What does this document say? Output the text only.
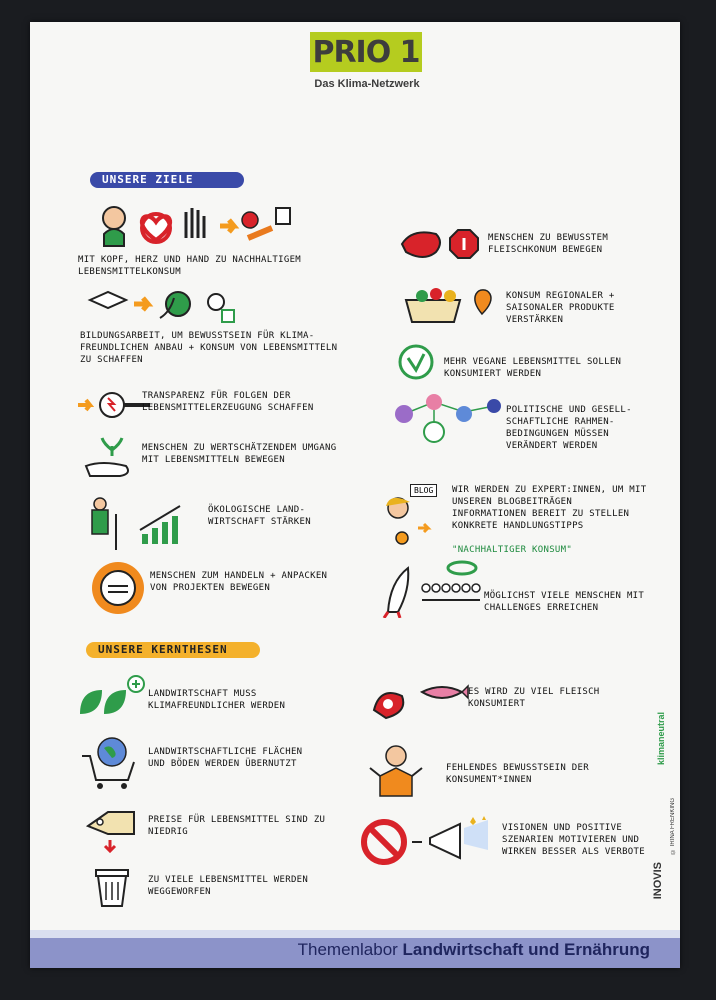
PRIO 1
Das Klima-Netzwerk
UNSERE ZIELE
MIT KOPF, HERZ UND HAND ZU NACHHALTIGEM LEBENSMITTELKONSUM
BILDUNGSARBEIT, UM BEWUSSTSEIN FÜR KLIMA-FREUNDLICHEN ANBAU + KONSUM VON LEBENSMITTELN ZU SCHAFFEN
TRANSPARENZ FÜR FOLGEN DER LEBENSMITTELERZEUGUNG SCHAFFEN
MENSCHEN ZU WERTSCHÄTZENDEM UMGANG MIT LEBENSMITTELN BEWEGEN
ÖKOLOGISCHE LAND-WIRTSCHAFT STÄRKEN
MENSCHEN ZUM HANDELN + ANPACKEN VON PROJEKTEN BEWEGEN
MENSCHEN ZU BEWUSSTEM FLEISCHKONUM BEWEGEN
KONSUM REGIONALER + SAISONALER PRODUKTE VERSTÄRKEN
MEHR VEGANE LEBENSMITTEL SOLLEN KONSUMIERT WERDEN
POLITISCHE UND GESELL-SCHAFTLICHE RAHMEN-BEDINGUNGEN MÜSSEN VERÄNDERT WERDEN
BLOG	WIR WERDEN ZU EXPERT:INNEN, UM MIT UNSEREN BLOGBEITRÄGEN INFORMATIONEN BEREIT ZU STELLEN KONKRETE HANDLUNGSTIPPS
"NACHHALTIGER KONSUM"
MÖGLICHST VIELE MENSCHEN MIT CHALLENGES ERREICHEN
UNSERE KERNTHESEN
LANDWIRTSCHAFT MUSS KLIMAFREUNDLICHER WERDEN
LANDWIRTSCHAFTLICHE FLÄCHEN UND BÖDEN WERDEN ÜBERNUTZT
PREISE FÜR LEBENSMITTEL SIND ZU NIEDRIG
ZU VIELE LEBENSMITTEL WERDEN WEGGEWORFEN
ES WIRD ZU VIEL FLEISCH KONSUMIERT
FEHLENDES BEWUSSTSEIN DER KONSUMENT*INNEN
VISIONEN UND POSITIVE SZENARIEN MOTIVIEREN UND WIRKEN BESSER ALS VERBOTE
klimaneutral
INOVIS
© IRINA FRENKING
Themenlabor Landwirtschaft und Ernährung
